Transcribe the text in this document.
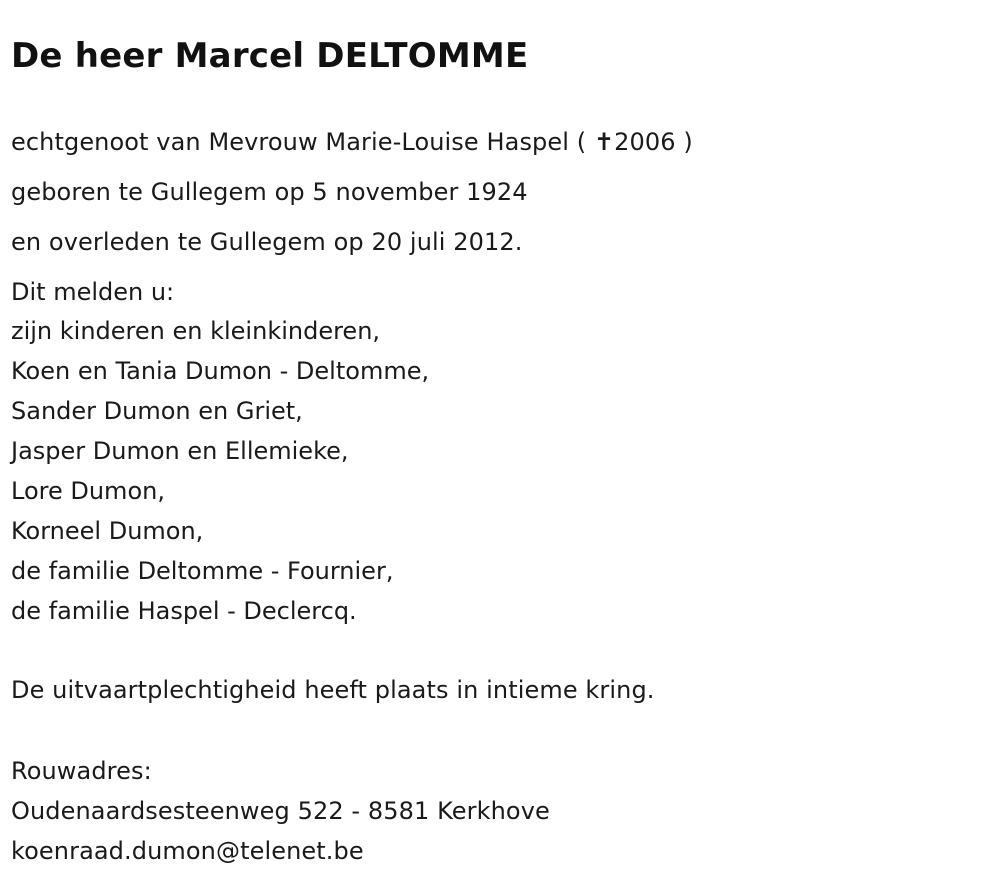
De heer Marcel DELTOMME

echtgenoot van Mevrouw Marie-Louise Haspel ( ✝2006 )

geboren te Gullegem op 5 november 1924

en overleden te Gullegem op 20 juli 2012.

Dit melden u:
zijn kinderen en kleinkinderen,
Koen en Tania Dumon - Deltomme,
Sander Dumon en Griet,
Jasper Dumon en Ellemieke,
Lore Dumon,
Korneel Dumon,
de familie Deltomme - Fournier,
de familie Haspel - Declercq.

De uitvaartplechtigheid heeft plaats in intieme kring.

Rouwadres:

Oudenaardsesteenweg 522 - 8581 Kerkhove

koenraad.dumon@telenet.be
